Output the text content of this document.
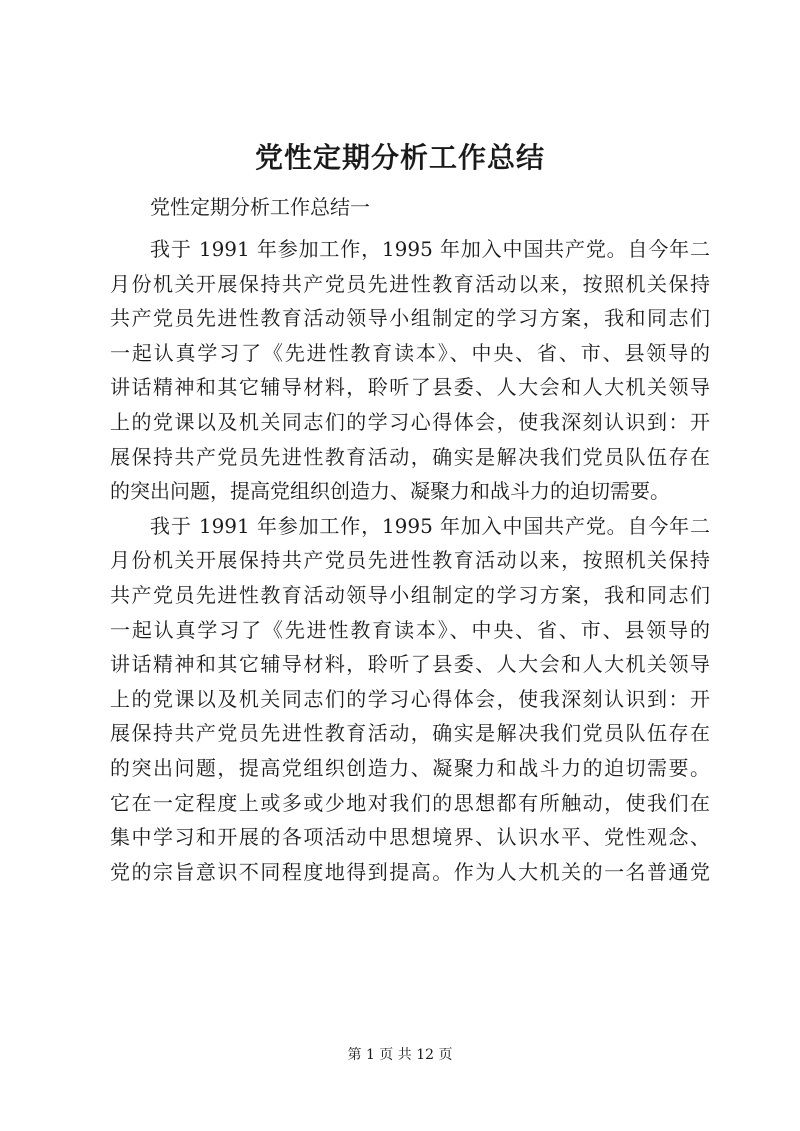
党性定期分析工作总结

党性定期分析工作总结一

我于 1991 年参加工作，1995 年加入中国共产党。自今年二
月份机关开展保持共产党员先进性教育活动以来，按照机关保持
共产党员先进性教育活动领导小组制定的学习方案，我和同志们
一起认真学习了《先进性教育读本》、中央、省、市、县领导的
讲话精神和其它辅导材料，聆听了县委、人大会和人大机关领导
上的党课以及机关同志们的学习心得体会，使我深刻认识到：开
展保持共产党员先进性教育活动，确实是解决我们党员队伍存在
的突出问题，提高党组织创造力、凝聚力和战斗力的迫切需要。
我于 1991 年参加工作，1995 年加入中国共产党。自今年二
月份机关开展保持共产党员先进性教育活动以来，按照机关保持
共产党员先进性教育活动领导小组制定的学习方案，我和同志们
一起认真学习了《先进性教育读本》、中央、省、市、县领导的
讲话精神和其它辅导材料，聆听了县委、人大会和人大机关领导
上的党课以及机关同志们的学习心得体会，使我深刻认识到：开
展保持共产党员先进性教育活动，确实是解决我们党员队伍存在
的突出问题，提高党组织创造力、凝聚力和战斗力的迫切需要。
它在一定程度上或多或少地对我们的思想都有所触动，使我们在
集中学习和开展的各项活动中思想境界、认识水平、党性观念、
党的宗旨意识不同程度地得到提高。作为人大机关的一名普通党

第 1 页 共 12 页
